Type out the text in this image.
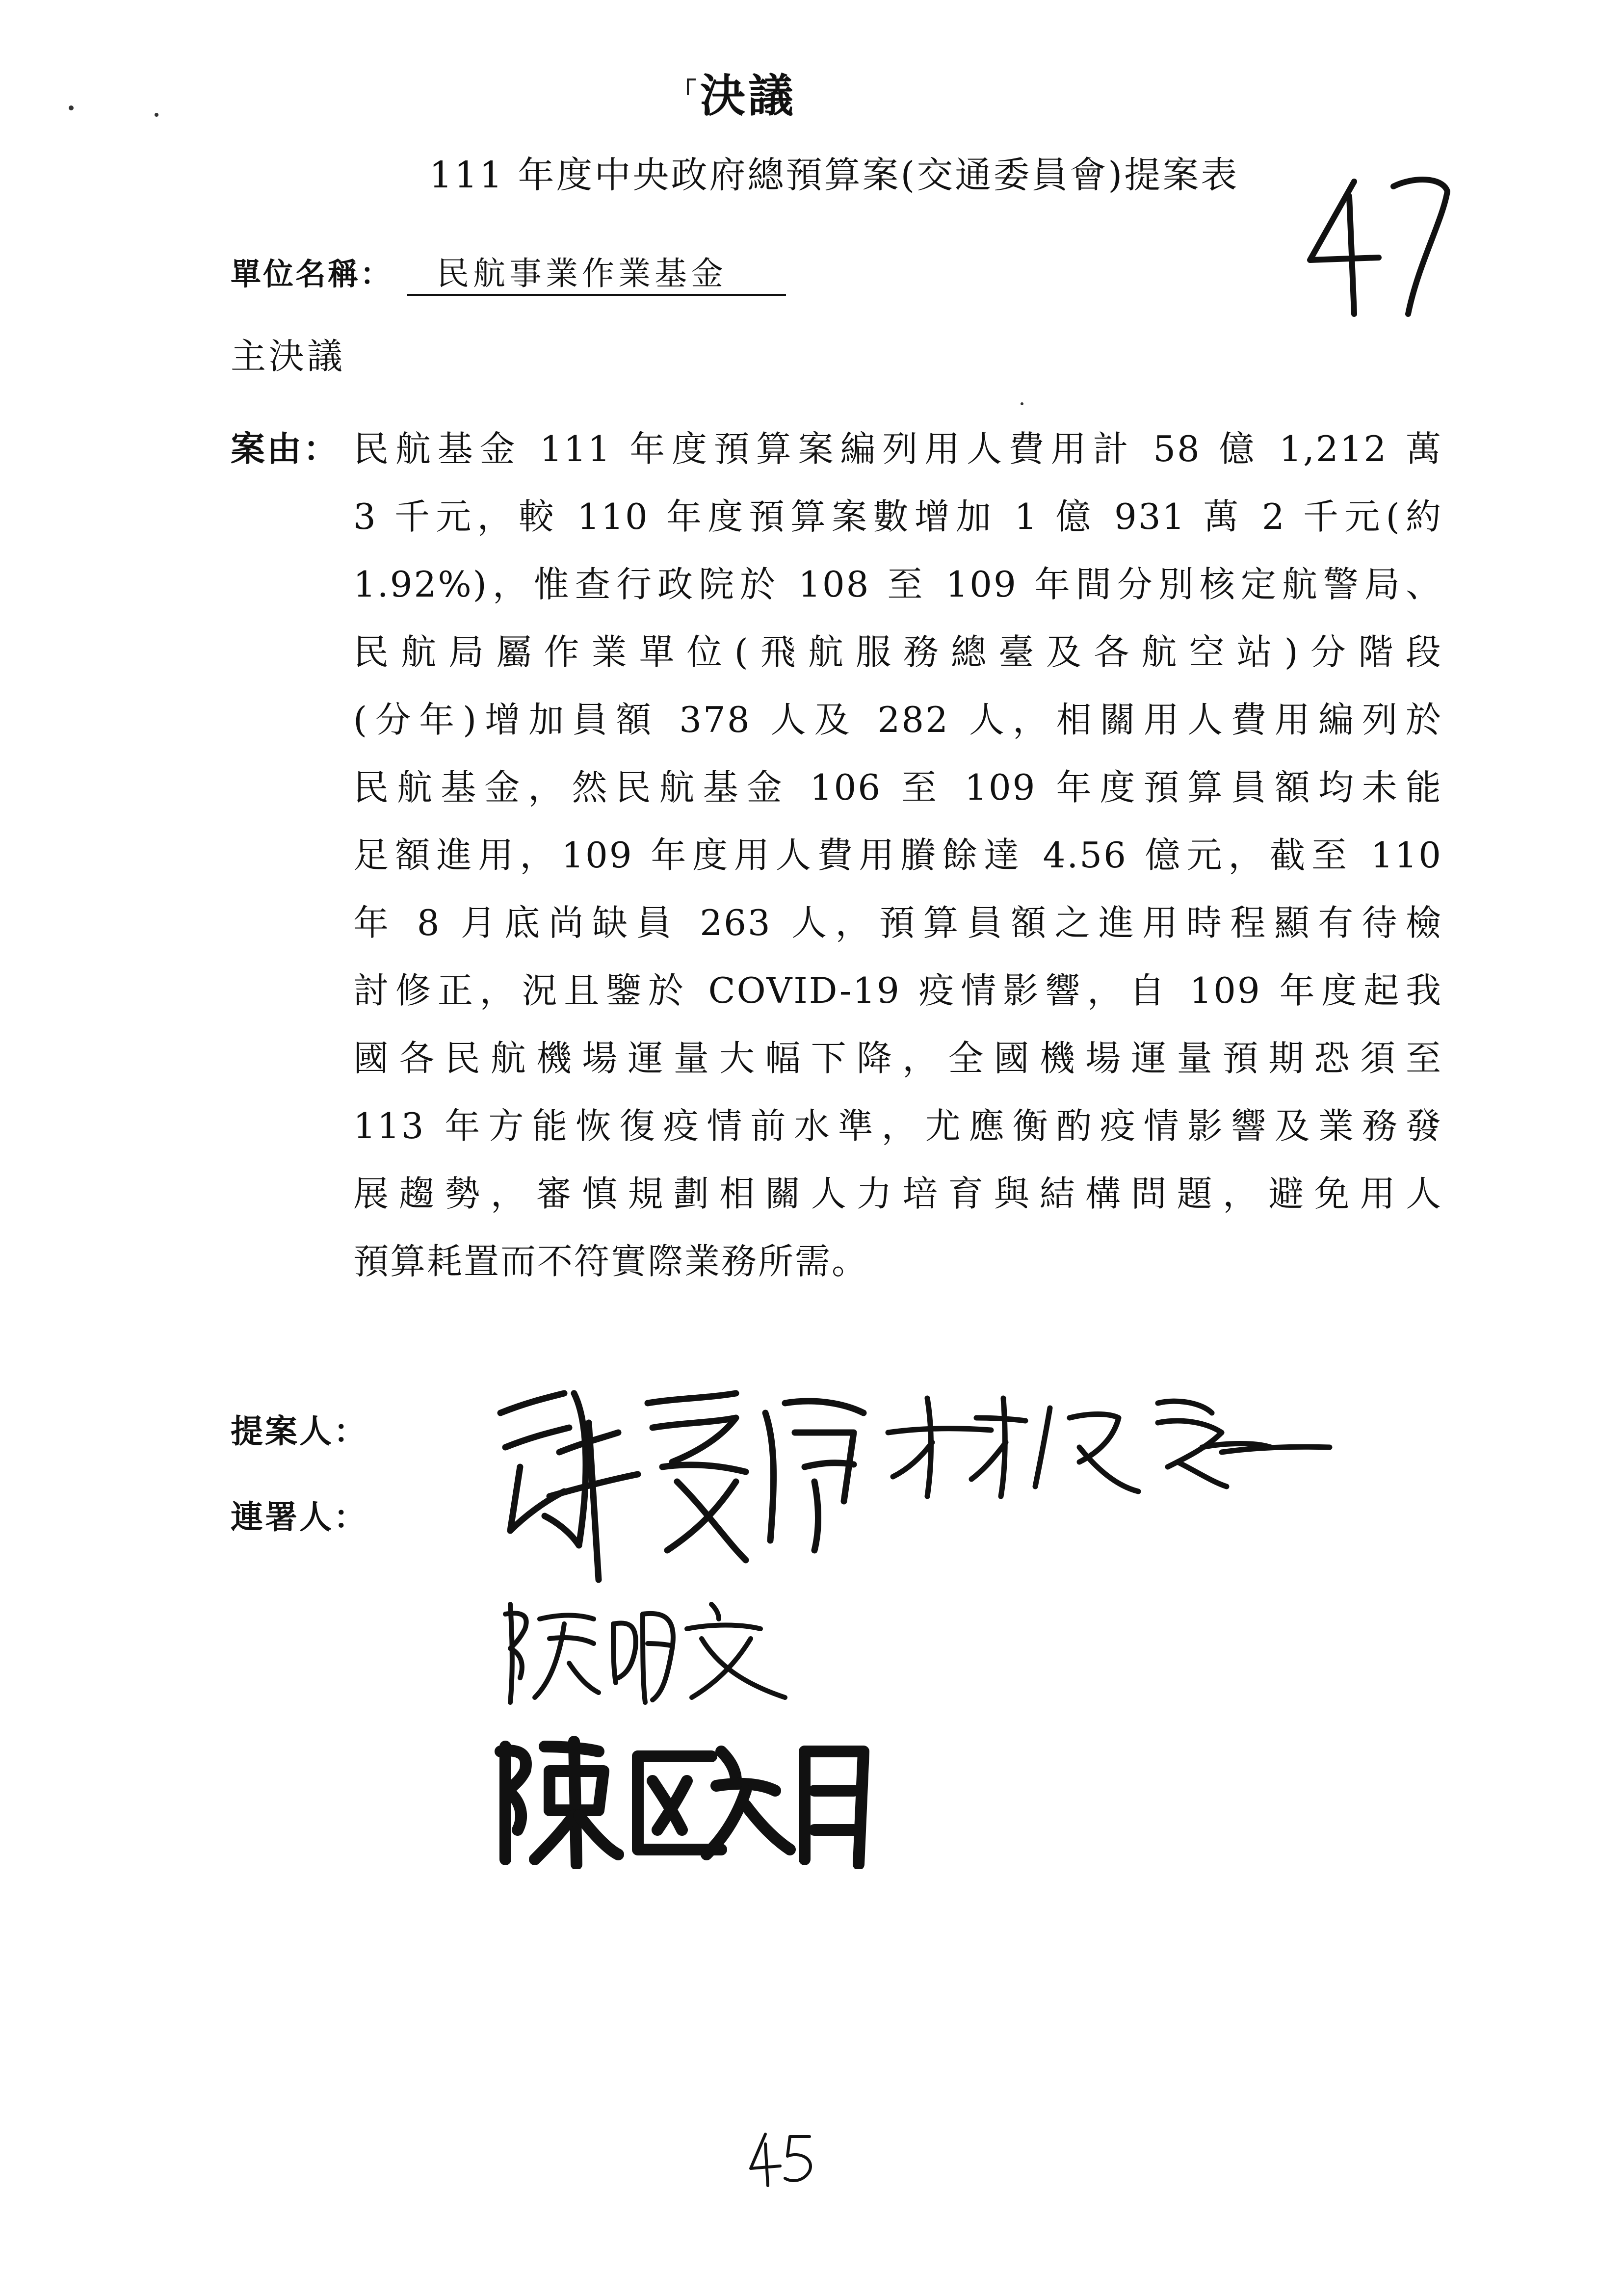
決議
111 年度中央政府總預算案(交通委員會)提案表
單位名稱： 民航事業作業基金
主決議
案由： 民航基金 111 年度預算案編列用人費用計 58 億 1,212 萬
3 千元，較 110 年度預算案數增加 1 億 931 萬 2 千元(約
1.92%)，惟查行政院於 108 至 109 年間分別核定航警局、
民航局屬作業單位(飛航服務總臺及各航空站)分階段
(分年)增加員額 378 人及 282 人，相關用人費用編列於
民航基金，然民航基金 106 至 109 年度預算員額均未能
足額進用，109 年度用人費用賸餘達 4.56 億元，截至 110
年 8 月底尚缺員 263 人，預算員額之進用時程顯有待檢
討修正，況且鑒於 COVID-19 疫情影響，自 109 年度起我
國各民航機場運量大幅下降，全國機場運量預期恐須至
113 年方能恢復疫情前水準，尤應衡酌疫情影響及業務發
展趨勢，審慎規劃相關人力培育與結構問題，避免用人
預算耗置而不符實際業務所需。
提案人：
連署人：
